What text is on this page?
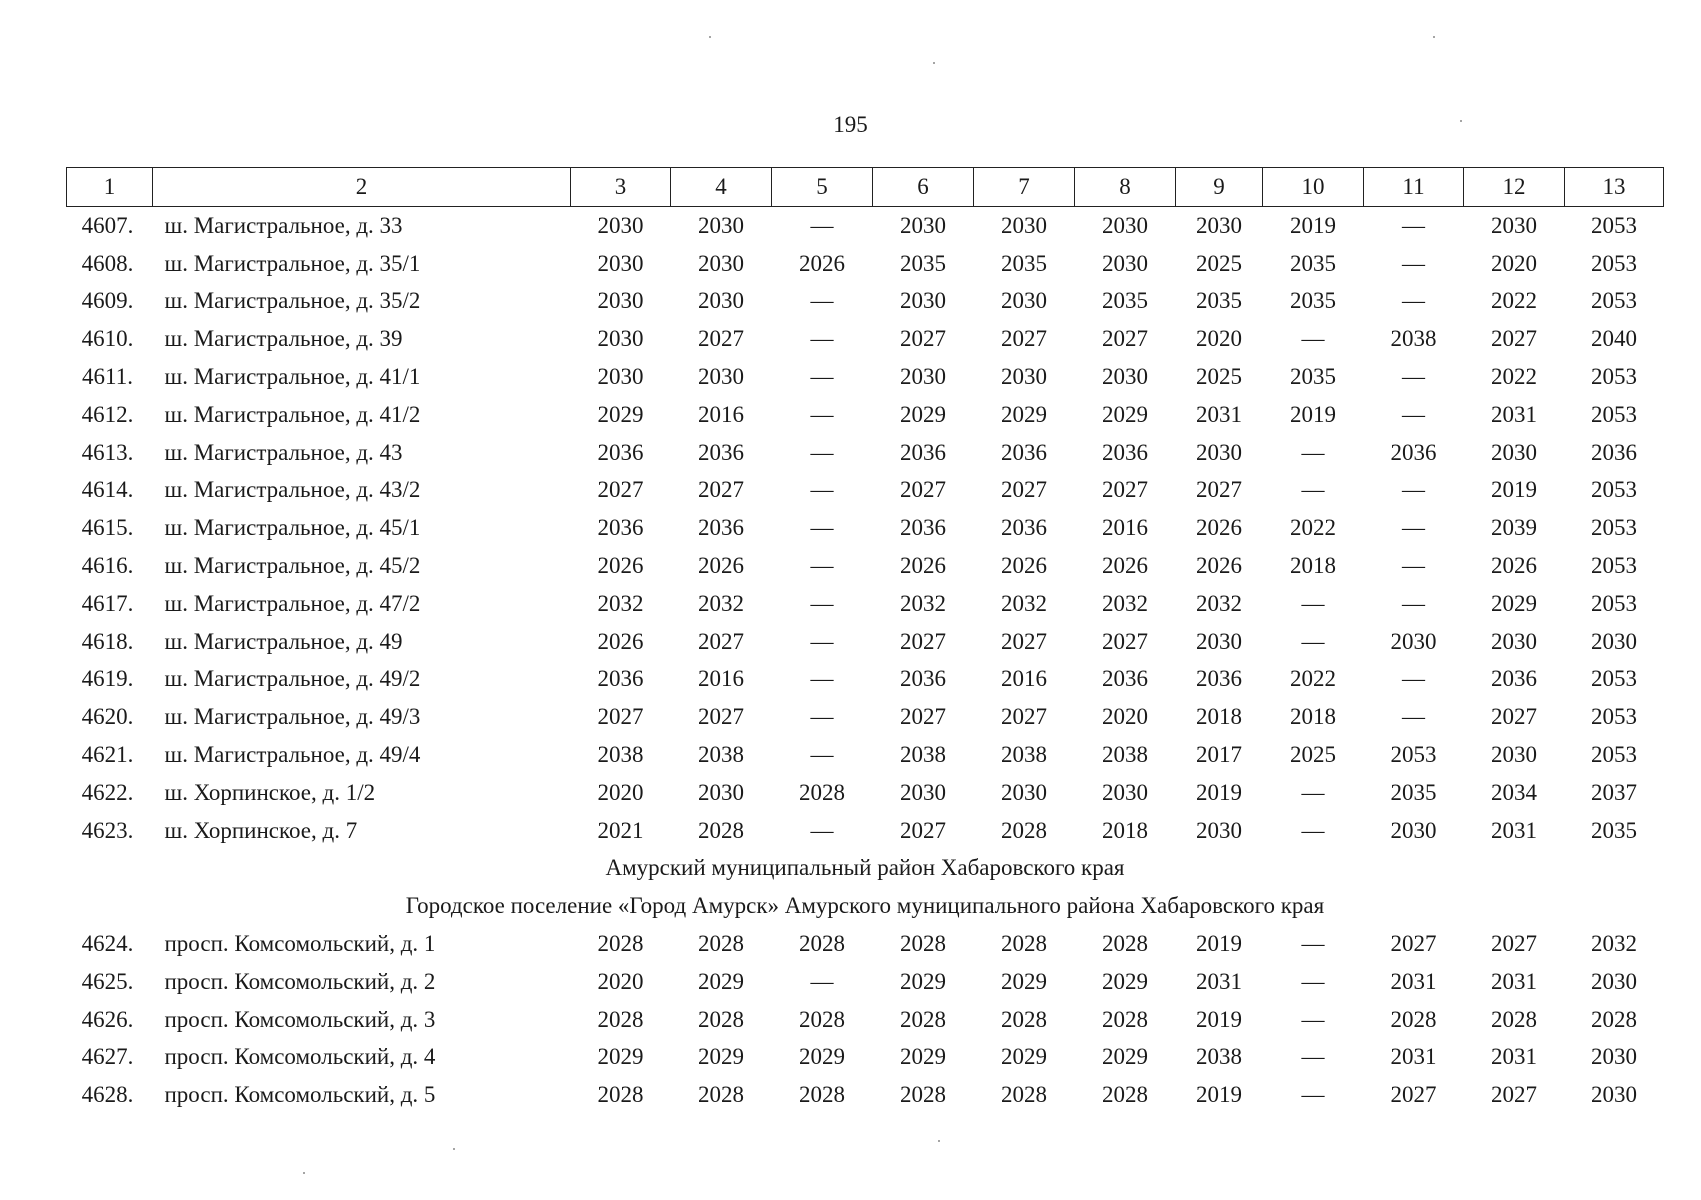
195
1	2	3	4	5	6	7	8	9	10	11	12	13
4607.	ш. Магистральное, д. 33	2030	2030	—	2030	2030	2030	2030	2019	—	2030	2053
4608.	ш. Магистральное, д. 35/1	2030	2030	2026	2035	2035	2030	2025	2035	—	2020	2053
4609.	ш. Магистральное, д. 35/2	2030	2030	—	2030	2030	2035	2035	2035	—	2022	2053
4610.	ш. Магистральное, д. 39	2030	2027	—	2027	2027	2027	2020	—	2038	2027	2040
4611.	ш. Магистральное, д. 41/1	2030	2030	—	2030	2030	2030	2025	2035	—	2022	2053
4612.	ш. Магистральное, д. 41/2	2029	2016	—	2029	2029	2029	2031	2019	—	2031	2053
4613.	ш. Магистральное, д. 43	2036	2036	—	2036	2036	2036	2030	—	2036	2030	2036
4614.	ш. Магистральное, д. 43/2	2027	2027	—	2027	2027	2027	2027	—	—	2019	2053
4615.	ш. Магистральное, д. 45/1	2036	2036	—	2036	2036	2016	2026	2022	—	2039	2053
4616.	ш. Магистральное, д. 45/2	2026	2026	—	2026	2026	2026	2026	2018	—	2026	2053
4617.	ш. Магистральное, д. 47/2	2032	2032	—	2032	2032	2032	2032	—	—	2029	2053
4618.	ш. Магистральное, д. 49	2026	2027	—	2027	2027	2027	2030	—	2030	2030	2030
4619.	ш. Магистральное, д. 49/2	2036	2016	—	2036	2016	2036	2036	2022	—	2036	2053
4620.	ш. Магистральное, д. 49/3	2027	2027	—	2027	2027	2020	2018	2018	—	2027	2053
4621.	ш. Магистральное, д. 49/4	2038	2038	—	2038	2038	2038	2017	2025	2053	2030	2053
4622.	ш. Хорпинское, д. 1/2	2020	2030	2028	2030	2030	2030	2019	—	2035	2034	2037
4623.	ш. Хорпинское, д. 7	2021	2028	—	2027	2028	2018	2030	—	2030	2031	2035
Амурский муниципальный район Хабаровского края												
Городское поселение «Город Амурск» Амурского муниципального района Хабаровского края												
4624.	просп. Комсомольский, д. 1	2028	2028	2028	2028	2028	2028	2019	—	2027	2027	2032
4625.	просп. Комсомольский, д. 2	2020	2029	—	2029	2029	2029	2031	—	2031	2031	2030
4626.	просп. Комсомольский, д. 3	2028	2028	2028	2028	2028	2028	2019	—	2028	2028	2028
4627.	просп. Комсомольский, д. 4	2029	2029	2029	2029	2029	2029	2038	—	2031	2031	2030
4628.	просп. Комсомольский, д. 5	2028	2028	2028	2028	2028	2028	2019	—	2027	2027	2030
